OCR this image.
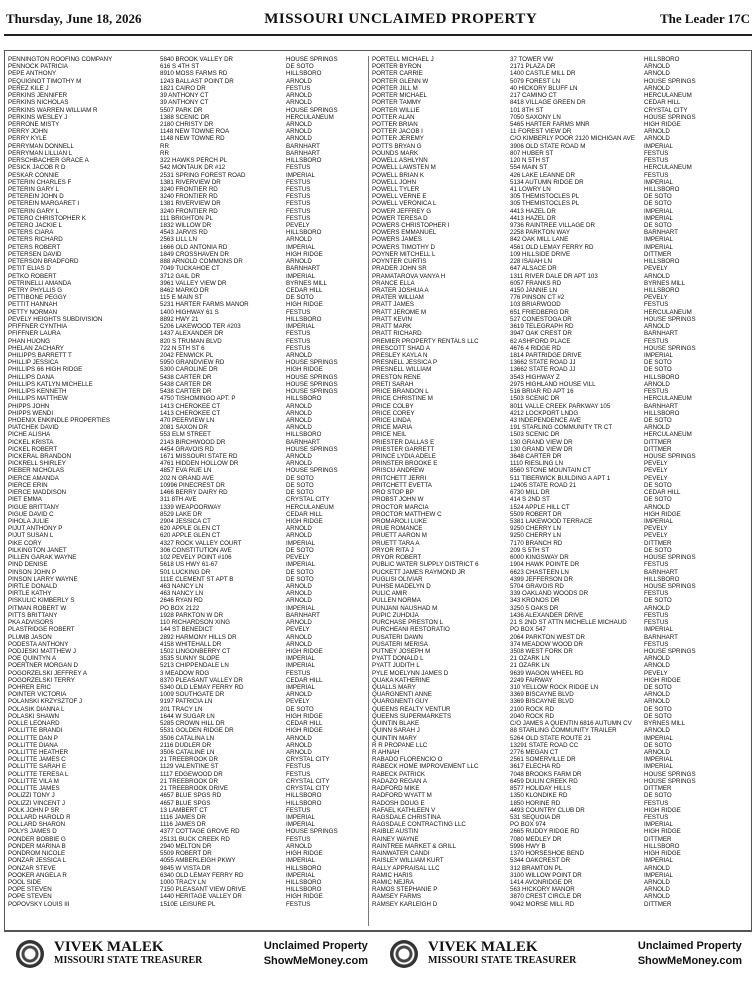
Thursday, June 18, 2026	MISSOURI UNCLAIMED PROPERTY	The Leader 17C
PENNINGTON ROOFING COMPANY	5840 BROOK VALLEY DR	HOUSE SPRINGS
PENNOCK PATRICIA	616 S 4TH ST	DE SOTO
PEPE ANTHONY	8910 MOSS FARMS RD	HILLSBORO
PEQUIGNOT TIMOTHY M	1243 BALLAST POINT DR	ARNOLD
PEREZ KILE J	1821 CAIRO DR	FESTUS
PERKINS JENNIFER	39 ANTHONY CT	ARNOLD
PERKINS NICHOLAS	39 ANTHONY CT	ARNOLD
PERKINS WARREN WILLIAM R	5507 PARK DR	HOUSE SPRINGS
PERKINS WESLEY J	1388 SCENIC DR	HERCULANEUM
PERRONE MISTY	2180 CHRISTY DR	ARNOLD
PERRY JOHN	1148 NEW TOWNE ROA	ARNOLD
PERRY KYLE	1148 NEW TOWNE RD	ARNOLD
PERRYMAN DONNELL	RR	BARNHART
PERRYMAN LILLIAN L	RR	BARNHART
PERSCHBACHER GRACE A	322 HAWKS PERCH PL	HILLSBORO
PESICK JACOB R D	542 MONTAUK DR #12	FESTUS
PESKAR CONNIE	2531 SPRING FOREST ROAD	IMPERIAL
PETERIN CHARLES F	1381 RIVERVIEW DR	FESTUS
PETERIN GARY L	3240 FRONTIER RD	FESTUS
PETEREIN JOHN D	3240 FRONTIER RD	FESTUS
PETEREIN MARGARET I	1381 RIVERVIEW DR	FESTUS
PETERIN GARY L	3240 FRONTIER RD	FESTUS
PETERO CHRISTOPHER K	111 BRIGHTON PL	FESTUS
PETERO JACKIE L	1832 WILLOW DR	PEVELY
PETERS CIARA	4543 JARVIS RD	HILLSBORO
PETERS RICHARD	2563 LILL LN	ARNOLD
PETERS ROBERT	1666 OLD ANTONIA RD	IMPERIAL
PETERSEN DAVID	1849 CROSSHAVEN DR	HIGH RIDGE
PETERSON BRADFORD	888 ARNOLD COMMONS DR	ARNOLD
PETIT ELIAS D	7049 TUCKAHOE CT	BARNHART
PETKO ROBERT	3712 GAIL DR	IMPERIAL
PETRINELLI AMANDA	3961 VALLEY VIEW DR	BYRNES MILL
PETRY PHYLLIS G	8462 MARKO DR	CEDAR HILL
PETTIBONE PEGGY	115 E MAIN ST	DE SOTO
PETTIT HANNAH	5231 HARTER FARMS MANOR	HIGH RIDGE
PETTY NORMAN	1400 HIGHWAY 61 S	FESTUS
PEVELY HEIGHTS SUBDIVISION	8892 HWY 21	HILLSBORO
PFIFFNER CYNTHIA	5206 LAKEWOOD TER #203	IMPERIAL
PFIFFNER LAURA	1437 ALEXANDER DR	FESTUS
PHAN HUONG	820 S TRUMAN BLVD	FESTUS
PHELAN ZACHARY	722 N 5TH ST 6	FESTUS
PHILIPPS BARRETT T	2042 FENWICK PL	ARNOLD
PHILLIP JESSICA	5950 GRANDVIEW RD	HOUSE SPRINGS
PHILLIPS 66 HIGH RIDGE	5300 CAROLINE DR	HIGH RIDGE
PHILLIPS DANA	5438 CARTER DR	HOUSE SPRINGS
PHILLIPS KATLYN MICHELLE	5438 CARTER DR	HOUSE SPRINGS
PHILLIPS KENNETH	5438 CARTER DR	HOUSE SPRINGS
PHILLIPS MATTHEW	4750 TISHOMINGO APT. P	HILLSBORO
PHIPPS JOHN	1413 CHEROKEE CT	ARNOLD
PHIPPS WENDI	1413 CHEROKEE CT	ARNOLD
PHOENIX ENKINDLE PROPERTIES	470 PEERVIEW LN	ARNOLD
PIATCHEK DAVID	2081 SAXON DR	ARNOLD
PICHE ALISHA	553 ELM STREET	HILLSBORO
PICKEL KRISTA	2143 BIRCHWOOD DR	BARNHART
PICKEL ROBERT	4454 GRAVOIS RD	HOUSE SPRINGS
PICKERAL BRANDON	1671 MISSOURI STATE RD	ARNOLD
PICKRELL SHIRLEY	4761 HIDDEN HOLLOW DR	ARNOLD
PIEBER NICHOLAS	4857 EVA RUE LN	HOUSE SPRINGS
PIERCE AMANDA	202 N GRAND AVE	DE SOTO
PIERCE ERIN	10996 PINECREST DR	DE SOTO
PIERCE MADDISON	1466 BERRY DAIRY RD	DE SOTO
PIET EMMA	311 8TH AVE	CRYSTAL CITY
PIGUE BRITTANY	1339 WEAPOORWAY	HERCULANEUM
PIGUE DAVID C	8529 LAKE DR	CEDAR HILL
PIHOLA JULIE	2904 JESSICA CT	HIGH RIDGE
PIJUT ANTHONY P	620 APPLE GLEN CT	ARNOLD
PIJUT SUSAN L	620 APPLE GLEN CT	ARNOLD
PIKE CORY	4327 ROCK VALLEY COURT	IMPERIAL
PILKINGTON JANET	306 CONSTITUTION AVE	DE SOTO
PILLEN GARAK WAYNE	102 PEVELY POINT #106	PEVELY
PIND DENISE	5618 US HWY 61-67	IMPERIAL
PINSON JOHN P	501 LUCKING DR	DE SOTO
PINSON LARRY WAYNE	111E CLEMENT ST APT B	DE SOTO
PIRTLE DONALD	463 NANCY LN	ARNOLD
PIRTLE KATHY	463 NANCY LN	ARNOLD
PISKULIC KIMBERLY S	2646 RYAN RD	ARNOLD
PITMAN ROBERT W	PO BOX 2122	IMPERIAL
PITTS BRITTANY	1928 PARKTON W DR	BARNHART
PKA ADVISORS	110 RICHARDSON XING	ARNOLD
PLASTRIDGE ROBERT	144 ST BENEDICT	PEVELY
PLUMB JASON	2892 HARMONY HILLS DR	ARNOLD
PODESTA ANTHONY	4158 WHITEHALL DR	ARNOLD
PODJESKI MATTHEW J	1502 LINGONBERRY CT	HIGH RIDGE
POE QUINTYN A	3535 SUNNY SLOPE	IMPERIAL
POERTNER MORGAN D	5213 CHIPPENDALE LN	IMPERIAL
POGORZELSKI JEFFREY A	3 MEADOW RDG	FESTUS
POGORZELSKI TERRY	8370 PLEASANT VALLEY DR	CEDAR HILL
POHRER ERIC	5340 OLD LEMAY FERRY RD	IMPERIAL
POINTER VICTORIA	1009 SOUTHGATE DR	ARNOLD
POLANSKI KRZYSZTOF J	9197 PATRICIA LN	PEVELY
POLASIK DIANNA L	201 TRACY LN	DE SOTO
POLASKI SHAWN	1644 W SUGAR LN	HIGH RIDGE
POLLE LEONARD	5285 CROWN HILL DR	CEDAR HILL
POLLITTE BRANDI	5531 GOLDEN RIDGE DR	HIGH RIDGE
POLLITTE DAN P	3506 CATALINA LN	ARNOLD
POLLITTE DIANA	2116 DUDLER DR	ARNOLD
POLLITTE HEATHER	3506 CATALINE LN	ARNOLD
POLLITTE JAMES C	21 TREEBROOK DR	CRYSTAL CITY
POLLITTE SARAH E	1129 VALENTINE ST	FESTUS
POLLITTE TERESA L	1117 EDGEWOOD DR	FESTUS
POLLITTE VILA M	21 TREEBROOK DR	CRYSTAL CITY
POLLITTE JAMES	21 TREEBROOK DRIVE	CRYSTAL CITY
POLIZZI TONY J	4657 BLUE SPGS RD	HILLSBORO
POLIZZI VINCENT J	4657 BLUE SPGS	HILLSBORO
POLK JOHN P SR	13 LAMBERT CT	FESTUS
POLLARD HAROLD R	1116 JAMES DR	IMPERIAL
POLLARD SHARON	1116 JAMES DR	IMPERIAL
POLYS JAMES D	4377 COTTAGE GROVE RD	HOUSE SPRINGS
PONDER BOBBIE G	25131 BUCK CREEK RD	FESTUS
PONDER MARINA B	2940 MELTON DR	ARNOLD
PONDROM NICOLE	5509 ROBERT DR	HIGH RIDGE
PONZAR JESSICA L	4055 AMBERLEIGH PKWY	IMPERIAL
PONZAR STEVE	9845 W VISTA DR	HILLSBORO
POOKER ANGELA R	6340 OLD LEMAY FERRY RD	IMPERIAL
POOL SIDE	1000 TRACY LN	HILLSBORO
POPE STEVEN	7150 PLEASANT VIEW DRIVE	HILLSBORO
POPE STEVEN	1440 HERITAGE VALLEY DR	HIGH RIDGE
POPOVSKY LOUIS III	1510E LEISURE PL	FESTUS
PORTELL MICHAEL J	37 TOWER VW	HILLSBORO
PORTER BYRON	2171 PLAZA DR	ARNOLD
PORTER CARRIE	1400 CASTLE MILL DR	ARNOLD
PORTER GLENN W	5079 FOREST LN	HOUSE SPRINGS
PORTER JILL M	40 HICKORY BLUFF LN	ARNOLD
PORTER MICHAEL	217 CAMINO CT	HERCULANEUM
PORTER TAMMY	8418 VILLAGE GREEN DR	CEDAR HILL
PORTER WILLIE	101 8TH ST	CRYSTAL CITY
POTTER ALAN	7050 SAXONY LN	HOUSE SPRINGS
POTTER BRIAN	5465 HARTER FARMS MNR	HIGH RIDGE
POTTER JACOB I	11 FOREST VIEW DR	ARNOLD
POTTER JEREMY	C/O KIMBERLY POOR 2120 MICHIGAN AVE	ARNOLD
POTTS BRYAN G	3906 OLD STATE ROAD M	IMPERIAL
POUNDS MARK	807 HUBER ST	FESTUS
POWELL ASHLYNN	120 N 5TH ST	FESTUS
POWELL LAWSTEN M	554 MAIN ST	HERCULANEUM
POWELL BRIAN K	426 LAKE LEANNE DR	FESTUS
POWELL JOHN	5134 AUTUMN RIDGE DR	IMPERIAL
POWELL TYLER	41 LOWRY LN	HILLSBORO
POWELL VERNE E	305 THEMISTOCLES PL	DE SOTO
POWELL VERONICA L	305 THEMISTOCLES PL	DE SOTO
POWER JEFFREY G	4413 HAZEL DR	IMPERIAL
POWER TERESA D	4413 HAZEL DR	IMPERIAL
POWERS CHRISTOPHER I	9736 RAINTREE VILLAGE DR	DE SOTO
POWERS EMMANUEL	2258 PARKTON WAY	BARNHART
POWERS JAMES	842 OAK MILL LANE	IMPERIAL
POWERS TIMOTHY D	4561 OLD LEMAY FERRY RD	IMPERIAL
POYNER MITCHELL L	109 HILLSIDE DRIVE	DITTMER
POYNTER CURTIS	228 ISAIAH LN	HILLSBORO
PRADER JOHN SR	647 ALSACE DR	PEVELY
PRAMATAROVA VANYA H	1311 RIVER DALE DR APT 103	ARNOLD
PRANCE ELLA	6057 FRANKS RD	BYRNES MILL
PRATER JOSHUA A	4150 JANNIE LN	HILLSBORO
PRATER WILLIAM	776 PINSON CT #2	PEVELY
PRATT JAMES	103 BRIARWOOD	FESTUS
PRATT JEROME M	651 FRIEDBERG DR	HERCULANEUM
PRATT KEVIN	527 CONESTOGA DR	HOUSE SPRINGS
PRATT MARK	3619 TELEGRAPH RD	ARNOLD
PRATT RICHARD	3947 OAK CREST DR	BARNHART
PREMIER PROPERTY RENTALS LLC	62 ASHFORD PLACE	FESTUS
PRESCOTT SHAD A	4676 4 RIDGE RD	HOUSE SPRINGS
PRESLEY KAYLA N	1814 PARTRIDGE DRIVE	IMPERIAL
PRESNELL JESSICA P	13662 STATE ROAD JJ	DE SOTO
PRESNELL WILLIAM	13662 STATE ROAD JJ	DE SOTO
PRESTON RENE	3543 HIGHWAY Z	HILLSBORO
PRETI SARAH	2975 HIGHLAND HOUSE VILL	ARNOLD
PRICE BRANDON L	516 BRIAR RD APT 16	FESTUS
PRICE CHRISTINE M	1503 SCENIC DR	HERCULANEUM
PRICE COLBY	8011 VALLE CREEK PARKWAY 105	BARNHART
PRICE COREY	4212 LOCKPORT LNDG	HILLSBORO
PRICE LINDA	43 INDEPENDENCE AVE	DE SOTO
PRICE MARIA	191 STARLING COMMUNITY TR CT	ARNOLD
PRICE NEIL	1503 SCENIC DR	HERCULANEUM
PRIESTER DALLAS E	130 GRAND VIEW DR	DITTMER
PRIESTER GARRETT	130 GRAND VIEW DR	DITTMER
PRINCE LYDIA ADELE	3648 CARTER DR	HOUSE SPRINGS
PRINSTER BROOKE E	1110 RIESLING LN	PEVELY
PRISCU ANDREW	8560 STONE MOUNTAIN CT	PEVELY
PRITCHETT JERRI	511 TIBERWICK BUILDING A APT 1	PEVELY
PRITCHETT EVETTA	12405 STATE ROAD 21	DE SOTO
PRO STOP BP	6730 MILL DR	CEDAR HILL
PROBST JOHN W	414 S 2ND ST	DE SOTO
PROCTOR MARCIA	1524 APPLE HILL CT	ARNOLD
PROCTOR MATTHEW C	5509 ROBERT DR	HIGH RIDGE
PROMAROLI LUKE	5381 LAKEWOOD TERRACE	IMPERIAL
PRUE ROMANCE	9250 CHERRY LN	PEVELY
PRUETT AARON M	9250 CHERRY LN	PEVELY
PRUETT TARA A	7170 BRANCH RD	DITTMER
PRYOR RITA J	209 S 5TH ST	DE SOTO
PRYOR ROBERT	6000 KINGSWAY DR	HOUSE SPRINGS
PUBLIC WATER SUPPLY DISTRICT 6	1904 HAWK POINTE DR	FESTUS
PUCKETT JAMES RAYMOND JR	6623 CHASTEEN LN	BARNHART
PUGLISI OLIVIAR	4399 JEFFERSON DR	HILLSBORO
PUHSE MADELYN D	5704 GRAVOIS RD	HOUSE SPRINGS
PULIC AMIR	339 OAKLAND WOODS DR	FESTUS
PULLEN NORMA	343 KRONOS DR	DE SOTO
PUNJANI NAUSHAD M	3250 5 OAKS DR	ARNOLD
PUPIC ZUHDIJA	1436 ALEXANDER DRIVE	FESTUS
PURCHASE PRESTON L	21 S 2ND ST ATTN MICHELLE MICHAUD	FESTUS
PURCHEANI RESTORATIO	PO BOX 547	IMPERIAL
PUSATERI DAWN	2064 PARKTON WEST DR	BARNHART
PUSATERI MERISA	374 MEADOW WOOD DR	FESTUS
PUTNEY JOSEPH M	3508 WEST FORK DR	HOUSE SPRINGS
PYATT DONALD L	21 OZARK LN	ARNOLD
PYATT JUDITH L	21 OZARK LN	ARNOLD
PYLE MOELYNN JAMES D	9639 WAGON WHEEL RD	PEVELY
QUAKA KATHERINE	2249 FAIRWAY	HIGH RIDGE
QUALLS MARY	310 YELLOW ROCK RIDGE LN	DE SOTO
QUARGNENTI ANNE	3369 BISCAYNE BLVD	ARNOLD
QUARGNENTI GUY	3369 BISCAYNE BLVD	ARNOLD
QUEENS REALTY VENTUR	2100 ROCK RD	DE SOTO
QUEENS SUPERMARKETS	2040 ROCK RD	DE SOTO
QUINTIN BLAKE	C/O JAMES A QUENTIN 6816 AUTUMN CV	BYRNES MILL
QUINN SARAH J	88 STARLING COMMUNITY TRAILER	ARNOLD
QUINTIN MARY	5264 OLD STATE ROUTE 21	IMPERIAL
R R PROPANE LLC	13291 STATE ROAD CC	DE SOTO
R AHNAH	2776 MEGAN CT	ARNOLD
RABADO FLORENCIO O	2561 SOMERVILLE DR	IMPERIAL
RABECK HOME IMPROVEMENT LLC	3617 ELECHA RD	IMPERIAL
RABECK PATRICK	7048 BROOKS FARM DR	HOUSE SPRINGS
RADAZO REGAN A	6459 DULIN CREEK RD	HOUSE SPRINGS
RADFORD MIKE	8577 HOLIDAY HILLS	DITTMER
RADFORD WYATT M	1350 KLONDIKE RD	DE SOTO
RADOSH DOUG E	1850 HORINE RD	FESTUS
RAFAEL KATHLEEN V	4493 COUNTRY CLUB DR	HIGH RIDGE
RAGSDALE CHRISTINA	531 SEQUOIA DR	FESTUS
RAGSDALE CONTRACTING LLC	PO BOX 974	IMPERIAL
RAIBLE AUSTIN	2665 RUDDY RIDGE RD	HIGH RIDGE
RAINEY WAYNE	7080 MEDLEY DR	DITTMER
RAINTREE MARKET & GRILL	5996 HWY B	HILLSBORO
RAINWATER CANDI	1370 HORSESHOE BEND	HIGH RIDGE
RAISLEY WILLIAM KURT	5344 OAKCREST DR	IMPERIAL
RALLY APPRAISAL LLC	312 BRAMTON PL	ARNOLD
RAMIC HARIS	3100 WILLOW POINT DR	IMPERIAL
RAMIC NEJRA	1414 AVONRIDGE DR	ARNOLD
RAMOS STEPHANIE P	563 HICKORY MANOR	ARNOLD
RAMSEY FARMS	3870 CREST CIRCLE DR	ARNOLD
RAMSEY KARLEIGH D	9042 MORSE MILL RD	DITTMER
VIVEK MALEK
MISSOURI STATE TREASURER
Unclaimed Property
ShowMeMoney.com
VIVEK MALEK
MISSOURI STATE TREASURER
Unclaimed Property
ShowMeMoney.com
